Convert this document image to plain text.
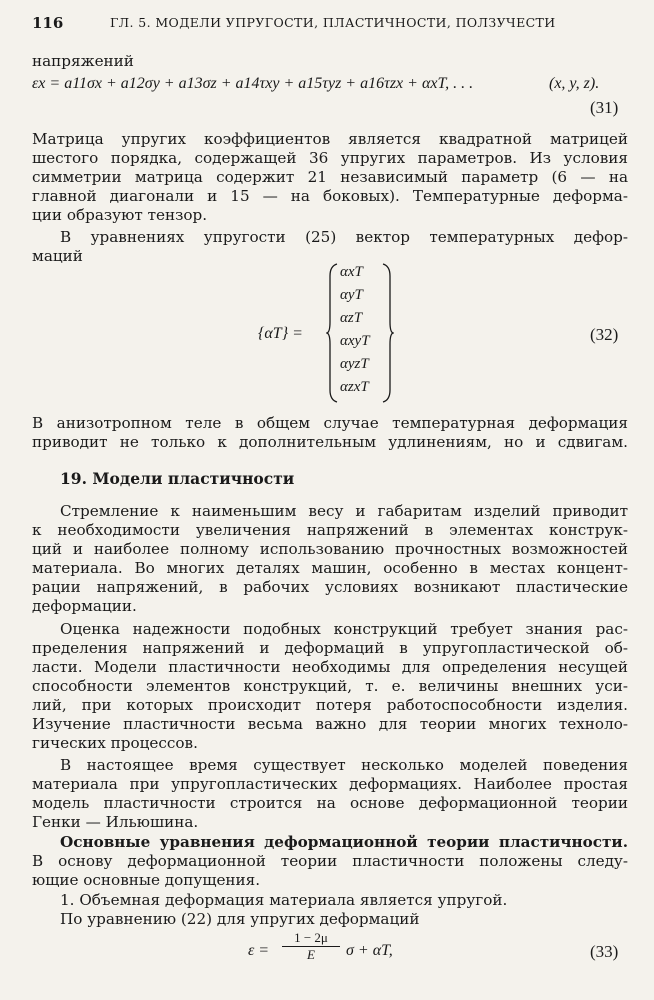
116	ГЛ. 5. МОДЕЛИ УПРУГОСТИ, ПЛАСТИЧНОСТИ, ПОЛЗУЧЕСТИ
напряжений
εx = a11σx + a12σy + a13σz + a14τxy + a15τyz + a16τzx + αxT, . . .	(x, y, z).
(31)
Матрица упругих коэффициентов является квадратной матрицей
шестого порядка, содержащей 36 упругих параметров. Из условия
симметрии матрица содержит 21 независимый параметр (6 — на
главной диагонали и 15 — на боковых). Температурные деформа-
ции образуют тензор.
В уравнениях упругости (25) вектор температурных дефор-
маций
{αT} =
αxT
αyT
αzT
αxyT
αyzT
αzxT
(32)
В анизотропном теле в общем случае температурная деформация
приводит не только к дополнительным удлинениям, но и сдвигам.
19. Модели пластичности
Стремление к наименьшим весу и габаритам изделий приводит
к необходимости увеличения напряжений в элементах конструк-
ций и наиболее полному использованию прочностных возможностей
материала. Во многих деталях машин, особенно в местах концент-
рации напряжений, в рабочих условиях возникают пластические
деформации.
Оценка надежности подобных конструкций требует знания рас-
пределения напряжений и деформаций в упругопластической об-
ласти. Модели пластичности необходимы для определения несущей
способности элементов конструкций, т. е. величины внешних уси-
лий, при которых происходит потеря работоспособности изделия.
Изучение пластичности весьма важно для теории многих техноло-
гических процессов.
В настоящее время существует несколько моделей поведения
материала при упругопластических деформациях. Наиболее простая
модель пластичности строится на основе деформационной теории
Генки — Ильюшина.
Основные уравнения деформационной теории пластичности.
В основу деформационной теории пластичности положены следу-
ющие основные допущения.
1. Объемная деформация материала является упругой.
По уравнению (22) для упругих деформаций
$\varepsilon = \frac{1 - 2\mu}{E}$ σ + αT,	(33)
